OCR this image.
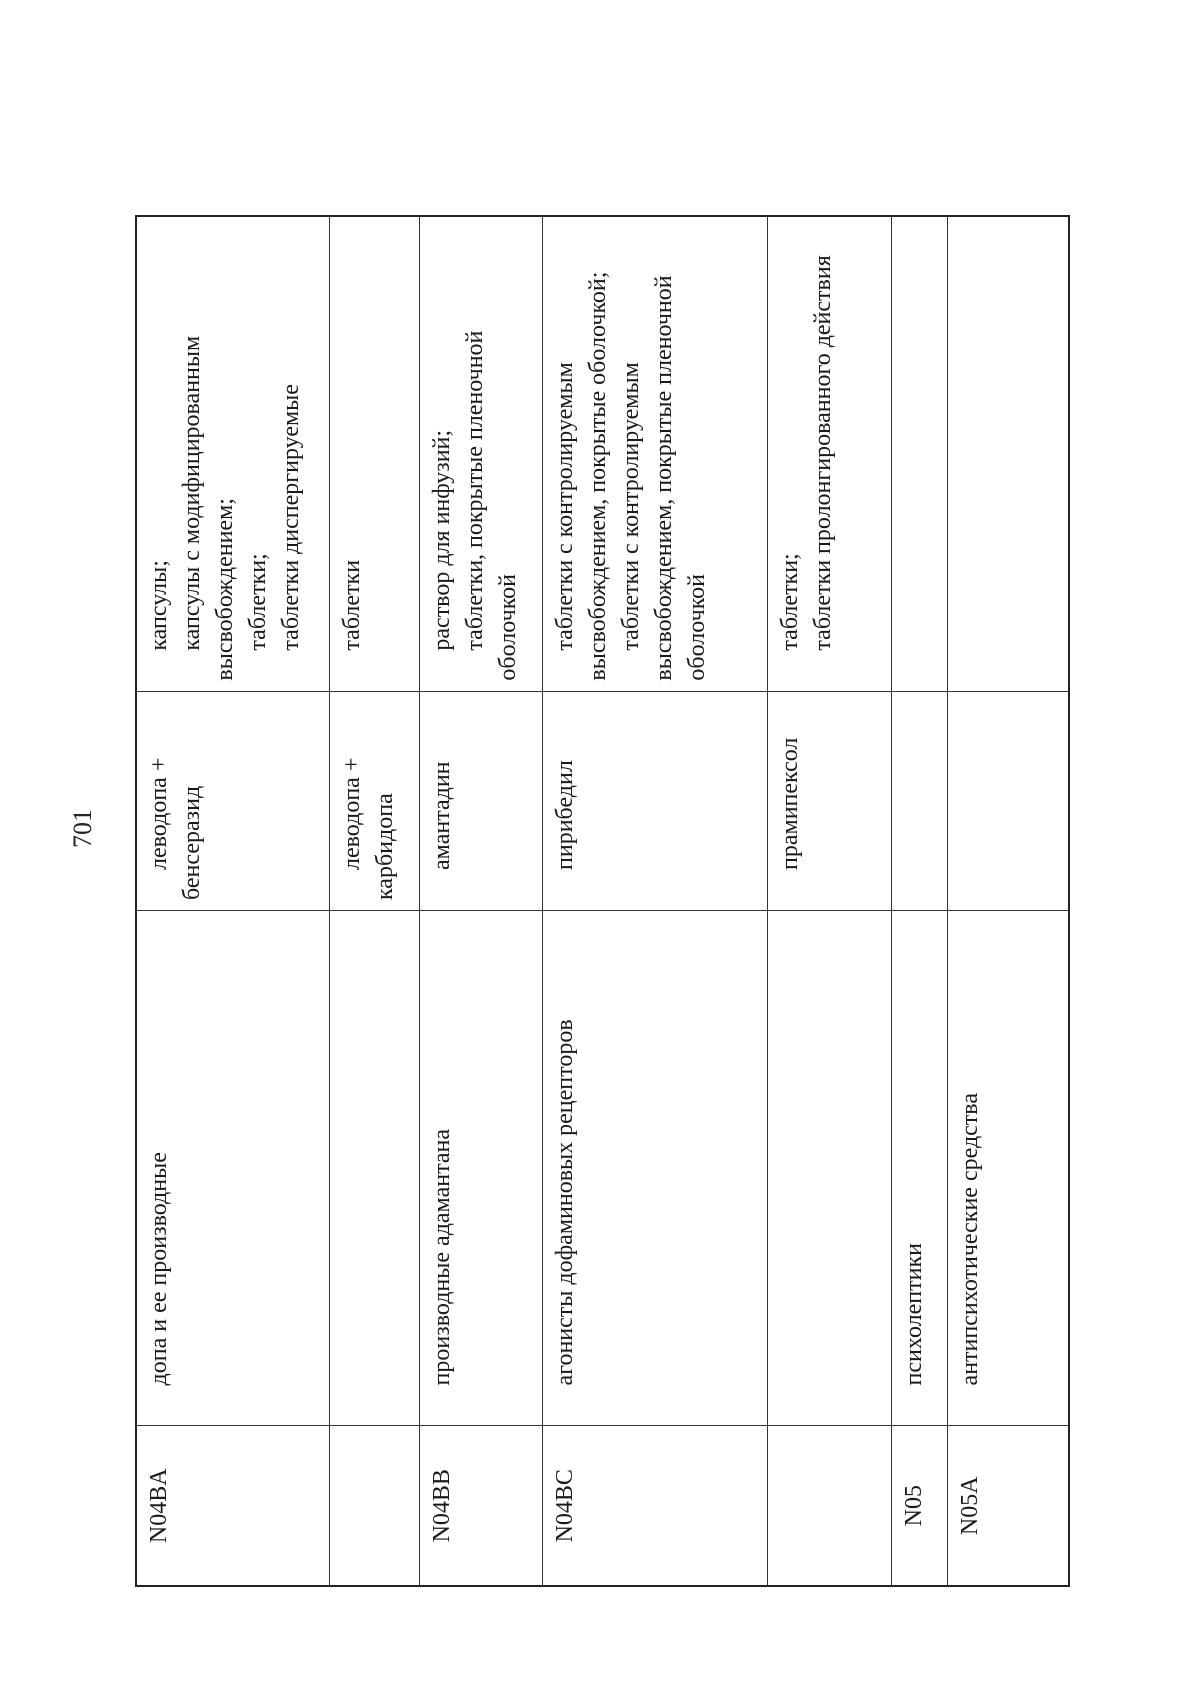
701
N04BA
допа и ее производные
леводопа + бенсеразид
капсулы; капсулы с модифицированным высвобождением; таблетки; таблетки диспергируемые
леводопа + карбидопа
таблетки
N04BB
производные адамантана
амантадин
раствор для инфузий; таблетки, покрытые пленочной оболочкой
N04BC
агонисты дофаминовых рецепторов
пирибедил
таблетки с контролируемым высвобождением, покрытые оболочкой; таблетки с контролируемым высвобождением, покрытые пленочной оболочкой
прамипексол
таблетки; таблетки пролонгированного действия
N05
психолептики
N05A
антипсихотические средства
